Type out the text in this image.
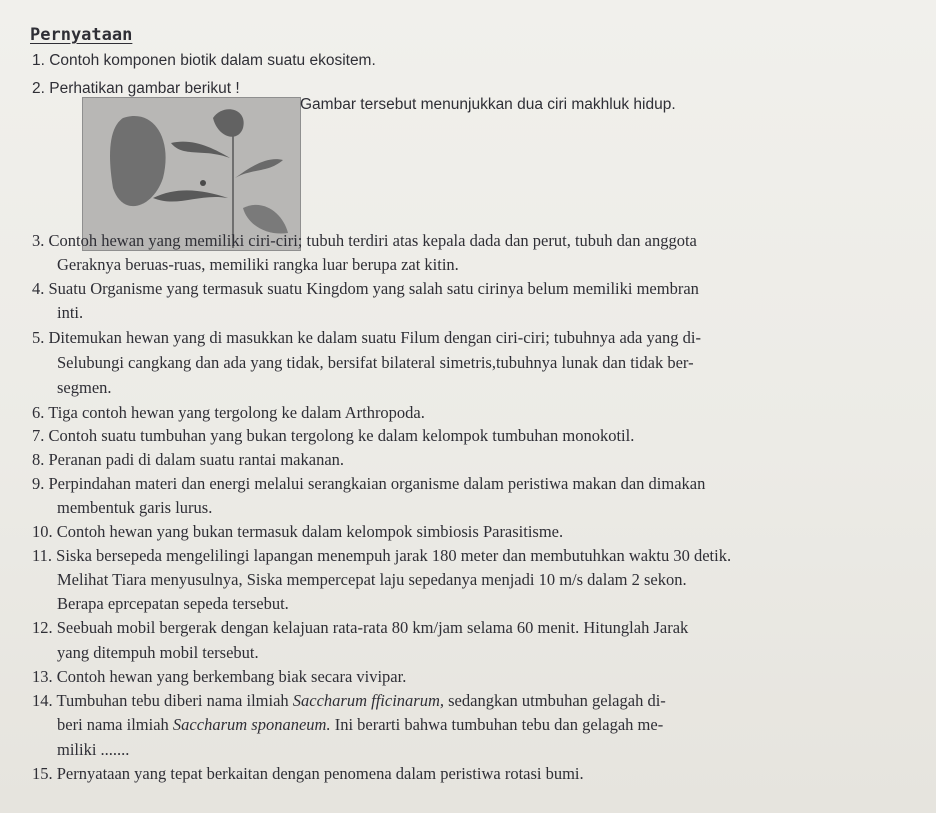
Pernyataan
1. Contoh komponen biotik dalam suatu ekositem.
2. Perhatikan gambar berikut !
Gambar tersebut menunjukkan dua ciri makhluk hidup.
3. Contoh hewan yang memiliki ciri-ciri; tubuh terdiri atas kepala dada dan perut, tubuh dan anggota
Geraknya beruas-ruas, memiliki rangka luar berupa zat kitin.
4. Suatu Organisme yang termasuk suatu Kingdom yang salah satu cirinya belum memiliki membran
inti.
5. Ditemukan hewan yang di masukkan ke dalam suatu Filum dengan ciri-ciri; tubuhnya ada yang di-
Selubungi cangkang dan ada yang tidak, bersifat bilateral simetris,tubuhnya lunak dan tidak ber-
segmen.
6. Tiga contoh hewan yang tergolong ke dalam Arthropoda.
7. Contoh suatu tumbuhan yang bukan tergolong ke dalam kelompok tumbuhan monokotil.
8. Peranan padi di dalam suatu rantai makanan.
9. Perpindahan materi dan energi melalui serangkaian organisme dalam peristiwa makan dan dimakan
membentuk garis lurus.
10. Contoh hewan yang bukan termasuk dalam kelompok simbiosis Parasitisme.
11. Siska bersepeda mengelilingi lapangan menempuh jarak 180 meter dan membutuhkan waktu 30 detik.
Melihat Tiara menyusulnya, Siska mempercepat laju sepedanya menjadi 10 m/s dalam 2 sekon.
Berapa eprcepatan sepeda tersebut.
12. Seebuah mobil bergerak dengan kelajuan rata-rata 80 km/jam selama 60 menit. Hitunglah Jarak
yang ditempuh mobil tersebut.
13. Contoh hewan yang berkembang biak secara vivipar.
14. Tumbuhan tebu diberi nama ilmiah Saccharum fficinarum, sedangkan utmbuhan gelagah di-
beri nama ilmiah Saccharum sponaneum. Ini berarti bahwa tumbuhan tebu dan gelagah me-
miliki .......
15. Pernyataan yang tepat berkaitan dengan penomena dalam peristiwa rotasi bumi.
